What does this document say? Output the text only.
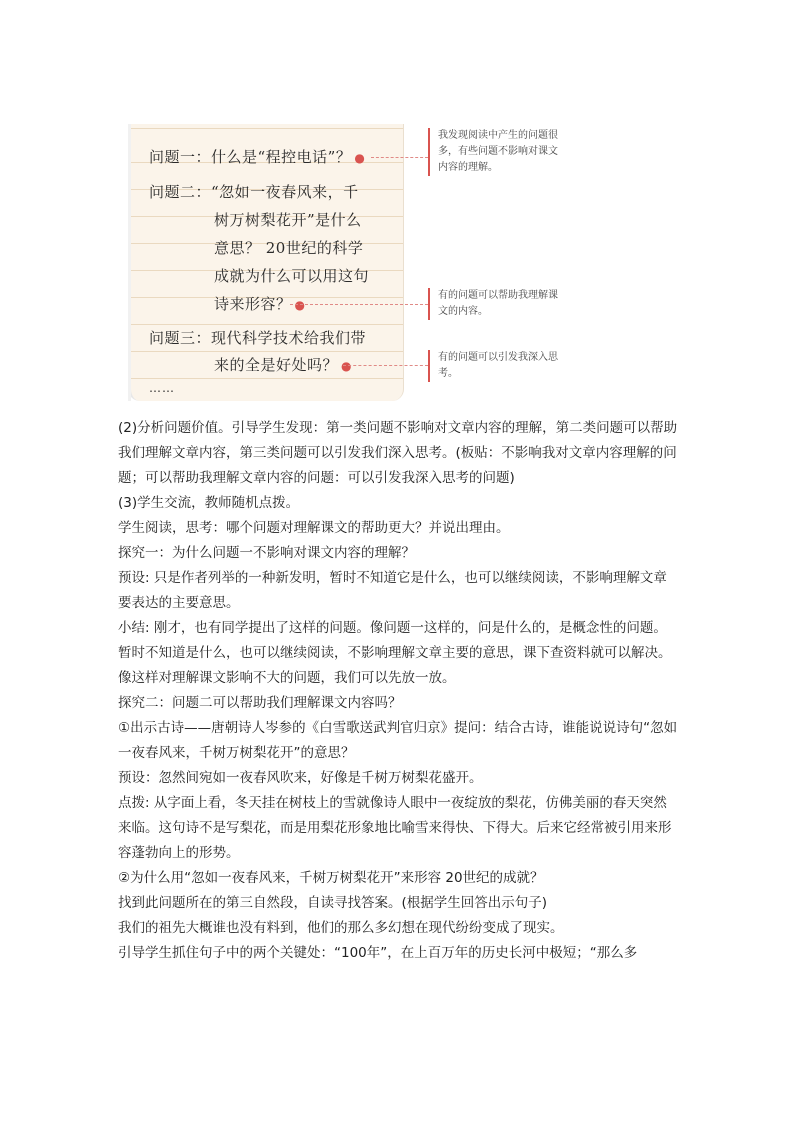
问题一：什么是“程控电话”？ ●
问题二：“忽如一夜春风来，千
树万树梨花开”是什么
意思？ 20世纪的科学
成就为什么可以用这句
诗来形容？ ●
问题三：现代科学技术给我们带
来的全是好处吗？ ●
……
我发现阅读中产生的问题很多，有些问题不影响对课文内容的理解。
有的问题可以帮助我理解课文的内容。
有的问题可以引发我深入思考。

(2)分析问题价值。引导学生发现：第一类问题不影响对文章内容的理解，第二类问题可以帮助我们理解文章内容，第三类问题可以引发我们深入思考。(板贴：不影响我对文章内容理解的问题；可以帮助我理解文章内容的问题：可以引发我深入思考的问题)

(3)学生交流，教师随机点拨。

学生阅读，思考：哪个问题对理解课文的帮助更大？并说出理由。

探究一：为什么问题一不影响对课文内容的理解？

预设: 只是作者列举的一种新发明，暂时不知道它是什么，也可以继续阅读，不影响理解文章要表达的主要意思。

小结: 刚才，也有同学提出了这样的问题。像问题一这样的，问是什么的，是概念性的问题。暂时不知道是什么，也可以继续阅读，不影响理解文章主要的意思，课下查资料就可以解决。像这样对理解课文影响不大的问题，我们可以先放一放。

探究二：问题二可以帮助我们理解课文内容吗？

①出示古诗——唐朝诗人岑参的《白雪歌送武判官归京》提问：结合古诗，谁能说说诗句“忽如一夜春风来，千树万树梨花开”的意思？

预设：忽然间宛如一夜春风吹来，好像是千树万树梨花盛开。

点拨: 从字面上看，冬天挂在树枝上的雪就像诗人眼中一夜绽放的梨花，仿佛美丽的春天突然来临。这句诗不是写梨花，而是用梨花形象地比喻雪来得快、下得大。后来它经常被引用来形容蓬勃向上的形势。

②为什么用“忽如一夜春风来，千树万树梨花开”来形容 20世纪的成就？

找到此问题所在的第三自然段，自读寻找答案。(根据学生回答出示句子)

我们的祖先大概谁也没有料到，他们的那么多幻想在现代纷纷变成了现实。

引导学生抓住句子中的两个关键处：“100年”，在上百万年的历史长河中极短；“那么多
